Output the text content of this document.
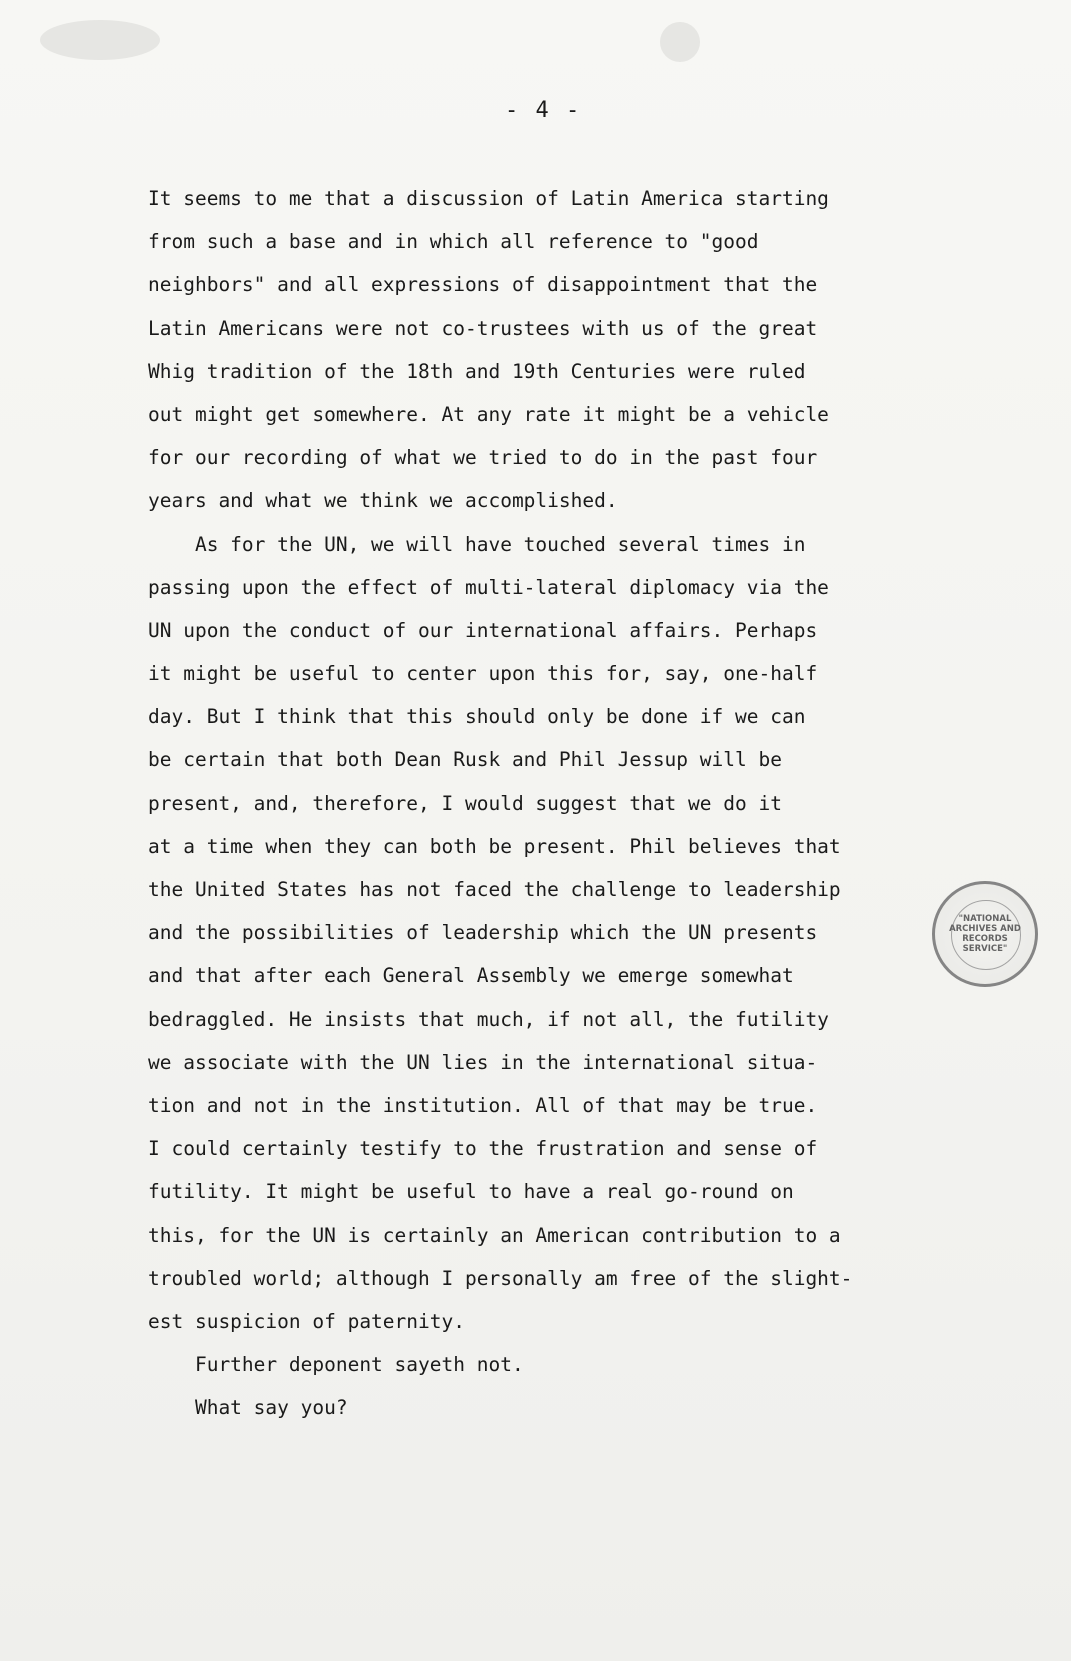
- 4 -
It seems to me that a discussion of Latin America starting
from such a base and in which all reference to "good
neighbors" and all expressions of disappointment that the
Latin Americans were not co-trustees with us of the great
Whig tradition of the 18th and 19th Centuries were ruled
out might get somewhere. At any rate it might be a vehicle
for our recording of what we tried to do in the past four
years and what we think we accomplished.
As for the UN, we will have touched several times in
passing upon the effect of multi-lateral diplomacy via the
UN upon the conduct of our international affairs. Perhaps
it might be useful to center upon this for, say, one-half
day. But I think that this should only be done if we can
be certain that both Dean Rusk and Phil Jessup will be
present, and, therefore, I would suggest that we do it
at a time when they can both be present. Phil believes that
the United States has not faced the challenge to leadership
and the possibilities of leadership which the UN presents
and that after each General Assembly we emerge somewhat
bedraggled. He insists that much, if not all, the futility
we associate with the UN lies in the international situa-
tion and not in the institution. All of that may be true.
I could certainly testify to the frustration and sense of
futility. It might be useful to have a real go-round on
this, for the UN is certainly an American contribution to a
troubled world; although I personally am free of the slight-
est suspicion of paternity.
Further deponent sayeth not.
What say you?
"NATIONAL
ARCHIVES AND
RECORDS
SERVICE"
